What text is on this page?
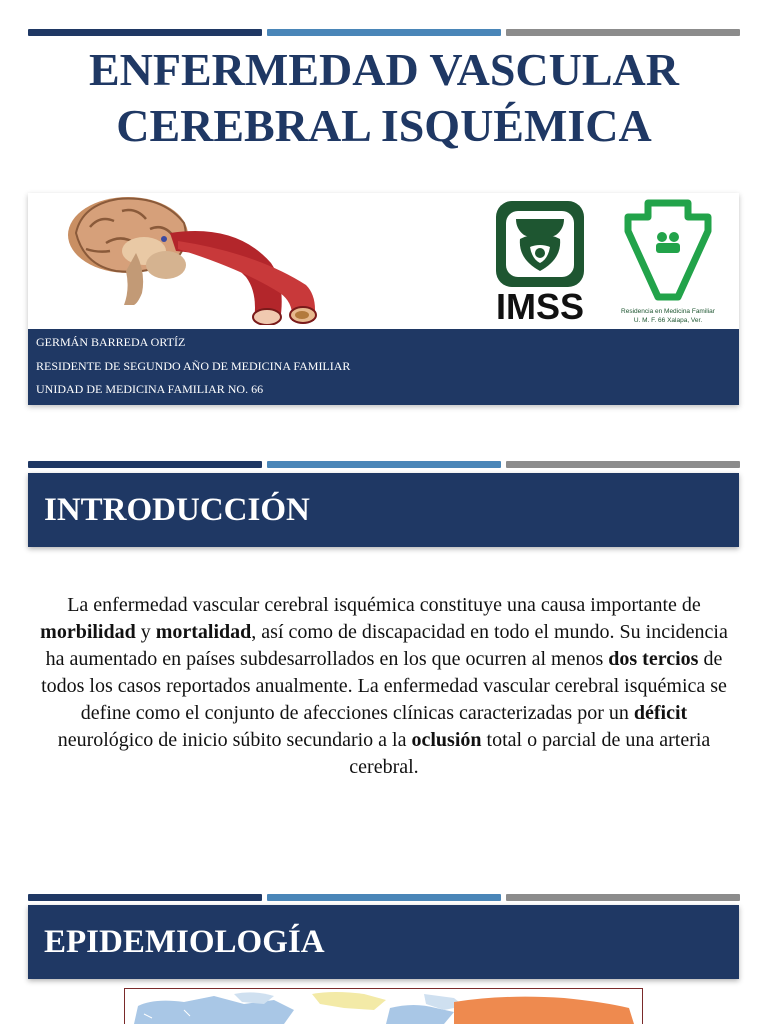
ENFERMEDAD VASCULAR
CEREBRAL ISQUÉMICA
IMSS	Residencia en Medicina Familiar
U. M. F. 66 Xalapa, Ver.
GERMÁN BARREDA ORTÍZ
RESIDENTE DE SEGUNDO AÑO DE MEDICINA FAMILIAR
UNIDAD DE MEDICINA FAMILIAR NO. 66
INTRODUCCIÓN
La enfermedad vascular cerebral isquémica constituye una causa importante de morbilidad y mortalidad, así como de discapacidad en todo el mundo. Su incidencia ha aumentado en países subdesarrollados en los que ocurren al menos dos tercios de todos los casos reportados anualmente. La enfermedad vascular cerebral isquémica se define como el conjunto de afecciones clínicas caracterizadas por un déficit neurológico de inicio súbito secundario a la oclusión total o parcial de una arteria cerebral.
EPIDEMIOLOGÍA
